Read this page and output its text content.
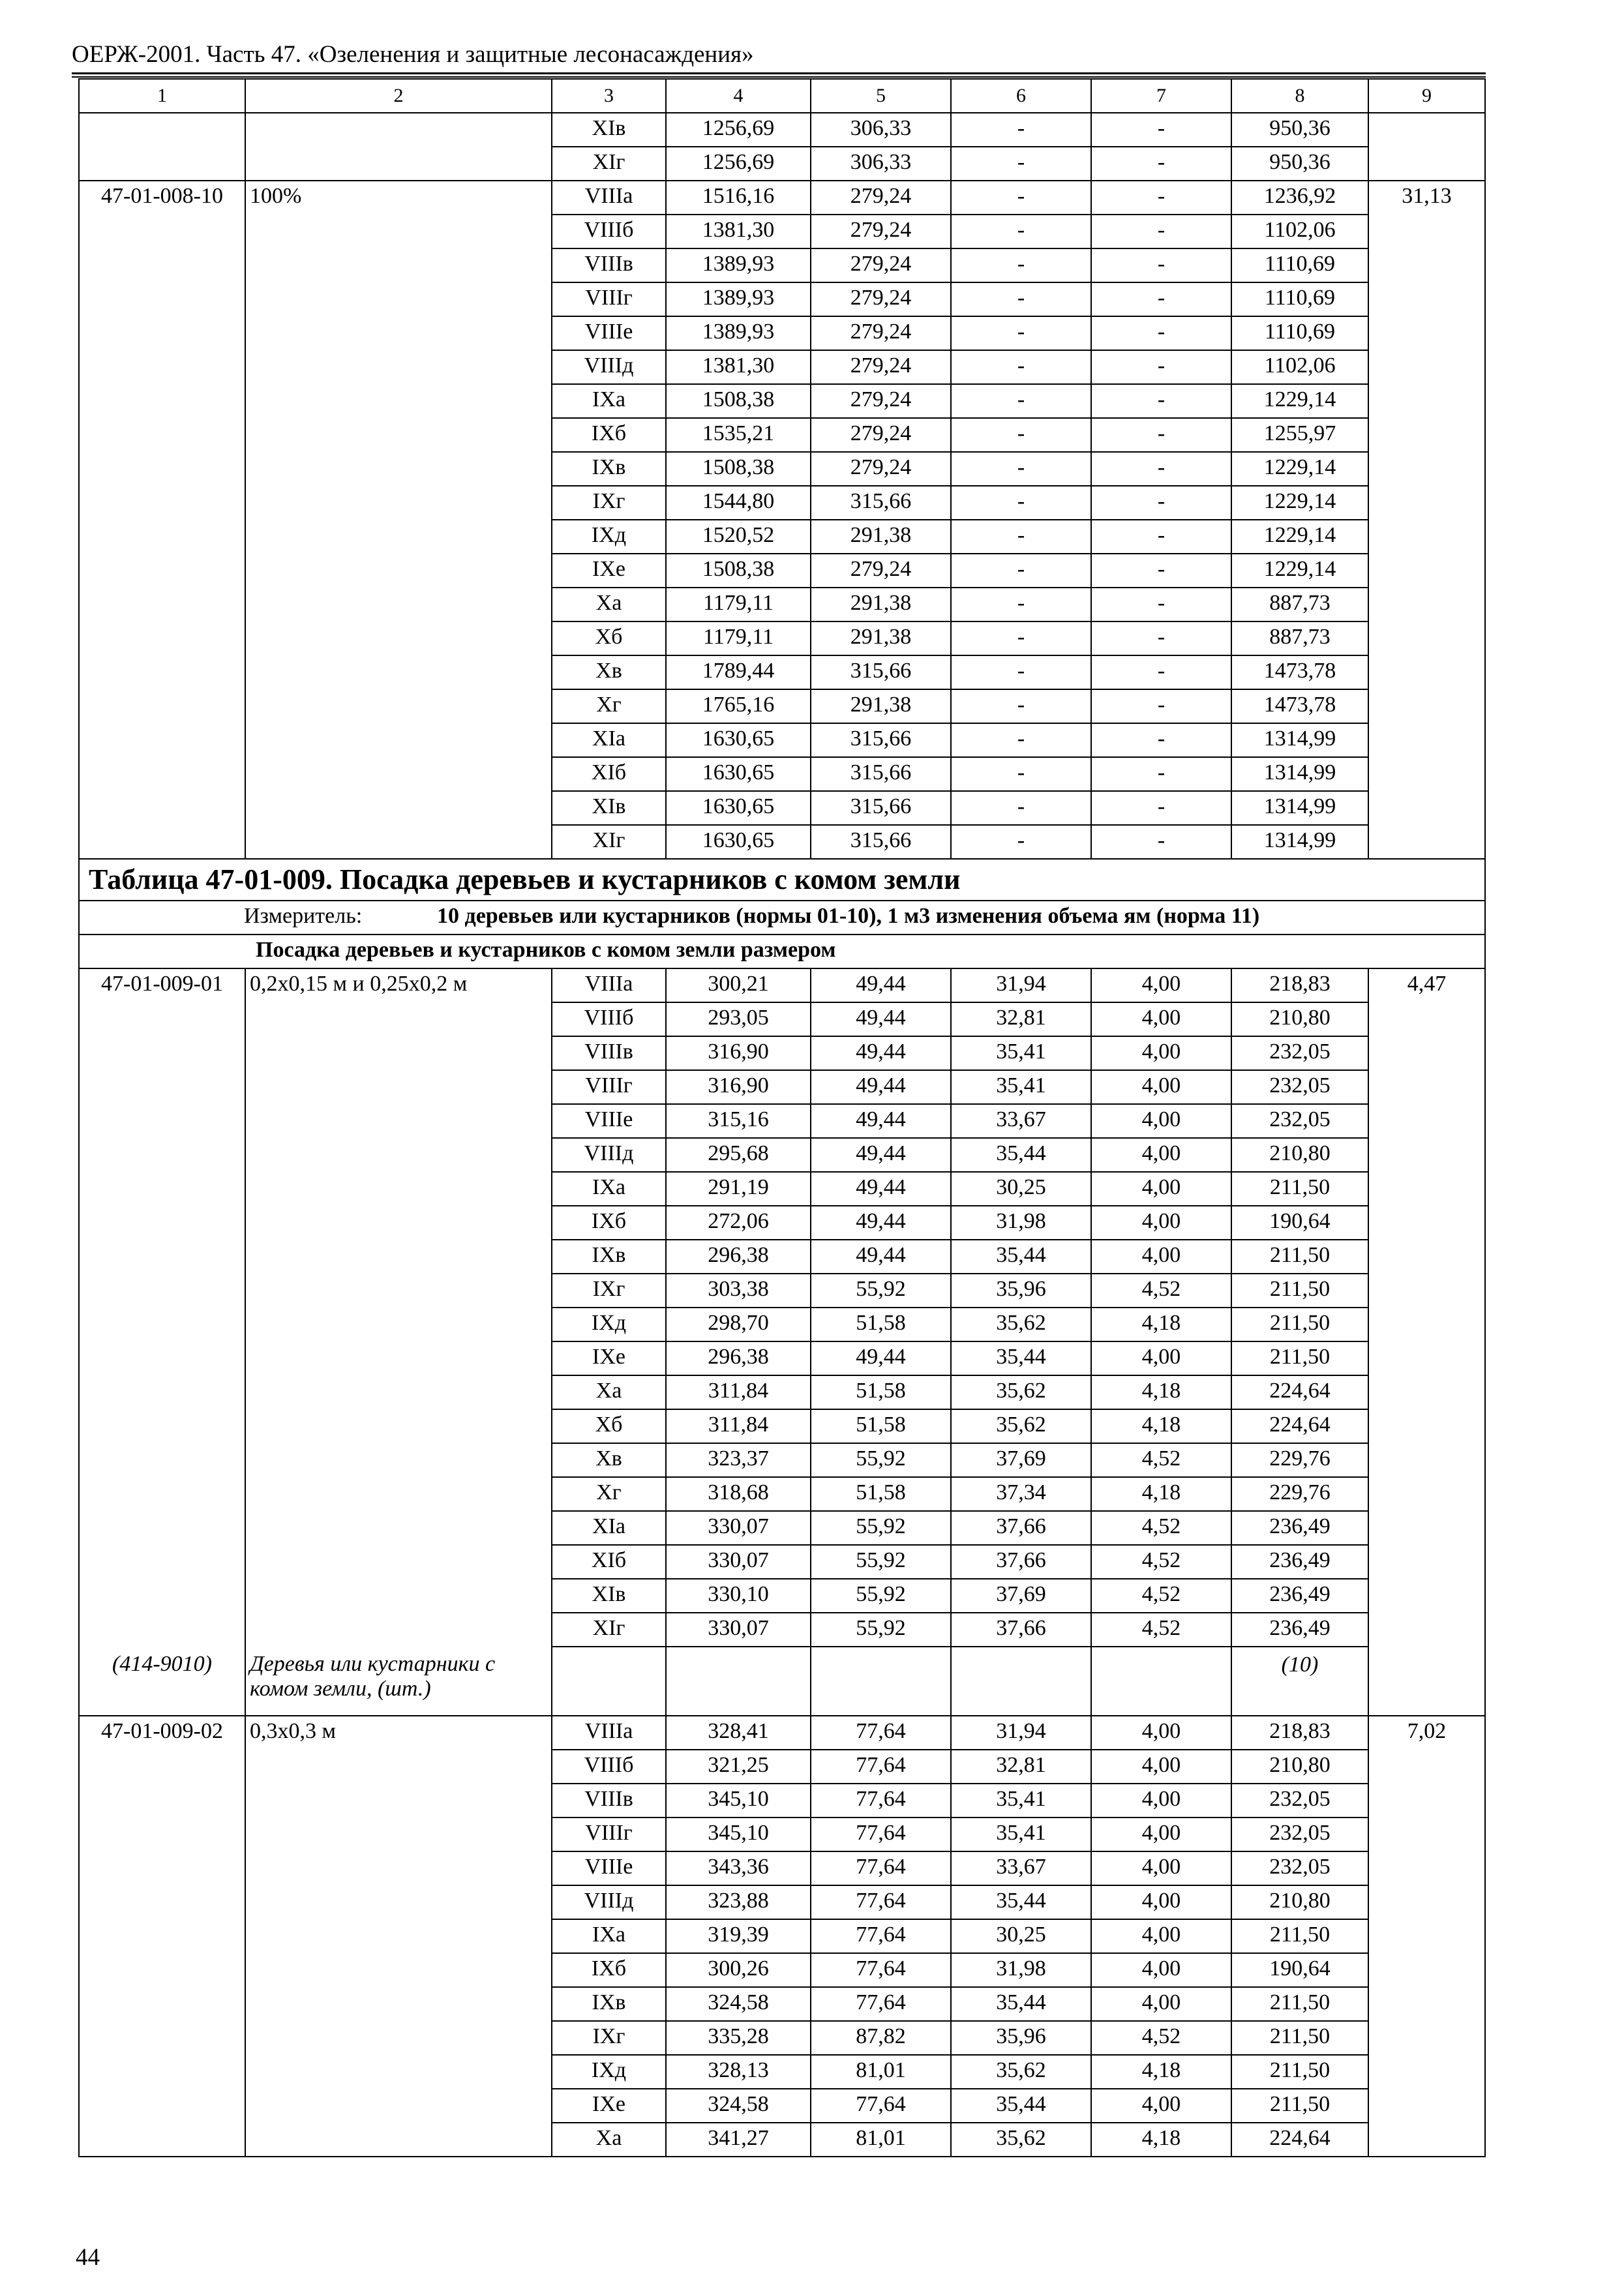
ОЕРЖ-2001. Часть 47. «Озеленения и защитные лесонасаждения»
1	2	3	4	5	6	7	8	9
		ХIв	1256,69	306,33	-	-	950,36	
		ХIг	1256,69	306,33	-	-	950,36	
47-01-008-10	100%	VIIIа	1516,16	279,24	-	-	1236,92	31,13
		VIIIб	1381,30	279,24	-	-	1102,06	
		VIIIв	1389,93	279,24	-	-	1110,69	
		VIIIг	1389,93	279,24	-	-	1110,69	
		VIIIе	1389,93	279,24	-	-	1110,69	
		VIIIд	1381,30	279,24	-	-	1102,06	
		IХа	1508,38	279,24	-	-	1229,14	
		IХб	1535,21	279,24	-	-	1255,97	
		IХв	1508,38	279,24	-	-	1229,14	
		IХг	1544,80	315,66	-	-	1229,14	
		IХд	1520,52	291,38	-	-	1229,14	
		IХе	1508,38	279,24	-	-	1229,14	
		Ха	1179,11	291,38	-	-	887,73	
		Хб	1179,11	291,38	-	-	887,73	
		Хв	1789,44	315,66	-	-	1473,78	
		Хг	1765,16	291,38	-	-	1473,78	
		ХIа	1630,65	315,66	-	-	1314,99	
		ХIб	1630,65	315,66	-	-	1314,99	
		ХIв	1630,65	315,66	-	-	1314,99	
		ХIг	1630,65	315,66	-	-	1314,99	
Таблица 47-01-009. Посадка деревьев и кустарников с комом земли								
Измеритель: 10 деревьев или кустарников (нормы 01-10), 1 м3 изменения объема ям (норма 11)								
Посадка деревьев и кустарников с комом земли размером								
47-01-009-01	0,2х0,15 м и 0,25х0,2 м	VIIIа	300,21	49,44	31,94	4,00	218,83	4,47
		VIIIб	293,05	49,44	32,81	4,00	210,80	
		VIIIв	316,90	49,44	35,41	4,00	232,05	
		VIIIг	316,90	49,44	35,41	4,00	232,05	
		VIIIе	315,16	49,44	33,67	4,00	232,05	
		VIIIд	295,68	49,44	35,44	4,00	210,80	
		IХа	291,19	49,44	30,25	4,00	211,50	
		IХб	272,06	49,44	31,98	4,00	190,64	
		IХв	296,38	49,44	35,44	4,00	211,50	
		IХг	303,38	55,92	35,96	4,52	211,50	
		IХд	298,70	51,58	35,62	4,18	211,50	
		IХе	296,38	49,44	35,44	4,00	211,50	
		Ха	311,84	51,58	35,62	4,18	224,64	
		Хб	311,84	51,58	35,62	4,18	224,64	
		Хв	323,37	55,92	37,69	4,52	229,76	
		Хг	318,68	51,58	37,34	4,18	229,76	
		ХIа	330,07	55,92	37,66	4,52	236,49	
		ХIб	330,07	55,92	37,66	4,52	236,49	
		ХIв	330,10	55,92	37,69	4,52	236,49	
		ХIг	330,07	55,92	37,66	4,52	236,49	
(414-9010)	Деревья или кустарники с комом земли, (шт.)						(10)	
47-01-009-02	0,3х0,3 м	VIIIа	328,41	77,64	31,94	4,00	218,83	7,02
		VIIIб	321,25	77,64	32,81	4,00	210,80	
		VIIIв	345,10	77,64	35,41	4,00	232,05	
		VIIIг	345,10	77,64	35,41	4,00	232,05	
		VIIIе	343,36	77,64	33,67	4,00	232,05	
		VIIIд	323,88	77,64	35,44	4,00	210,80	
		IХа	319,39	77,64	30,25	4,00	211,50	
		IХб	300,26	77,64	31,98	4,00	190,64	
		IХв	324,58	77,64	35,44	4,00	211,50	
		IХг	335,28	87,82	35,96	4,52	211,50	
		IХд	328,13	81,01	35,62	4,18	211,50	
		IХе	324,58	77,64	35,44	4,00	211,50	
		Ха	341,27	81,01	35,62	4,18	224,64	
44
